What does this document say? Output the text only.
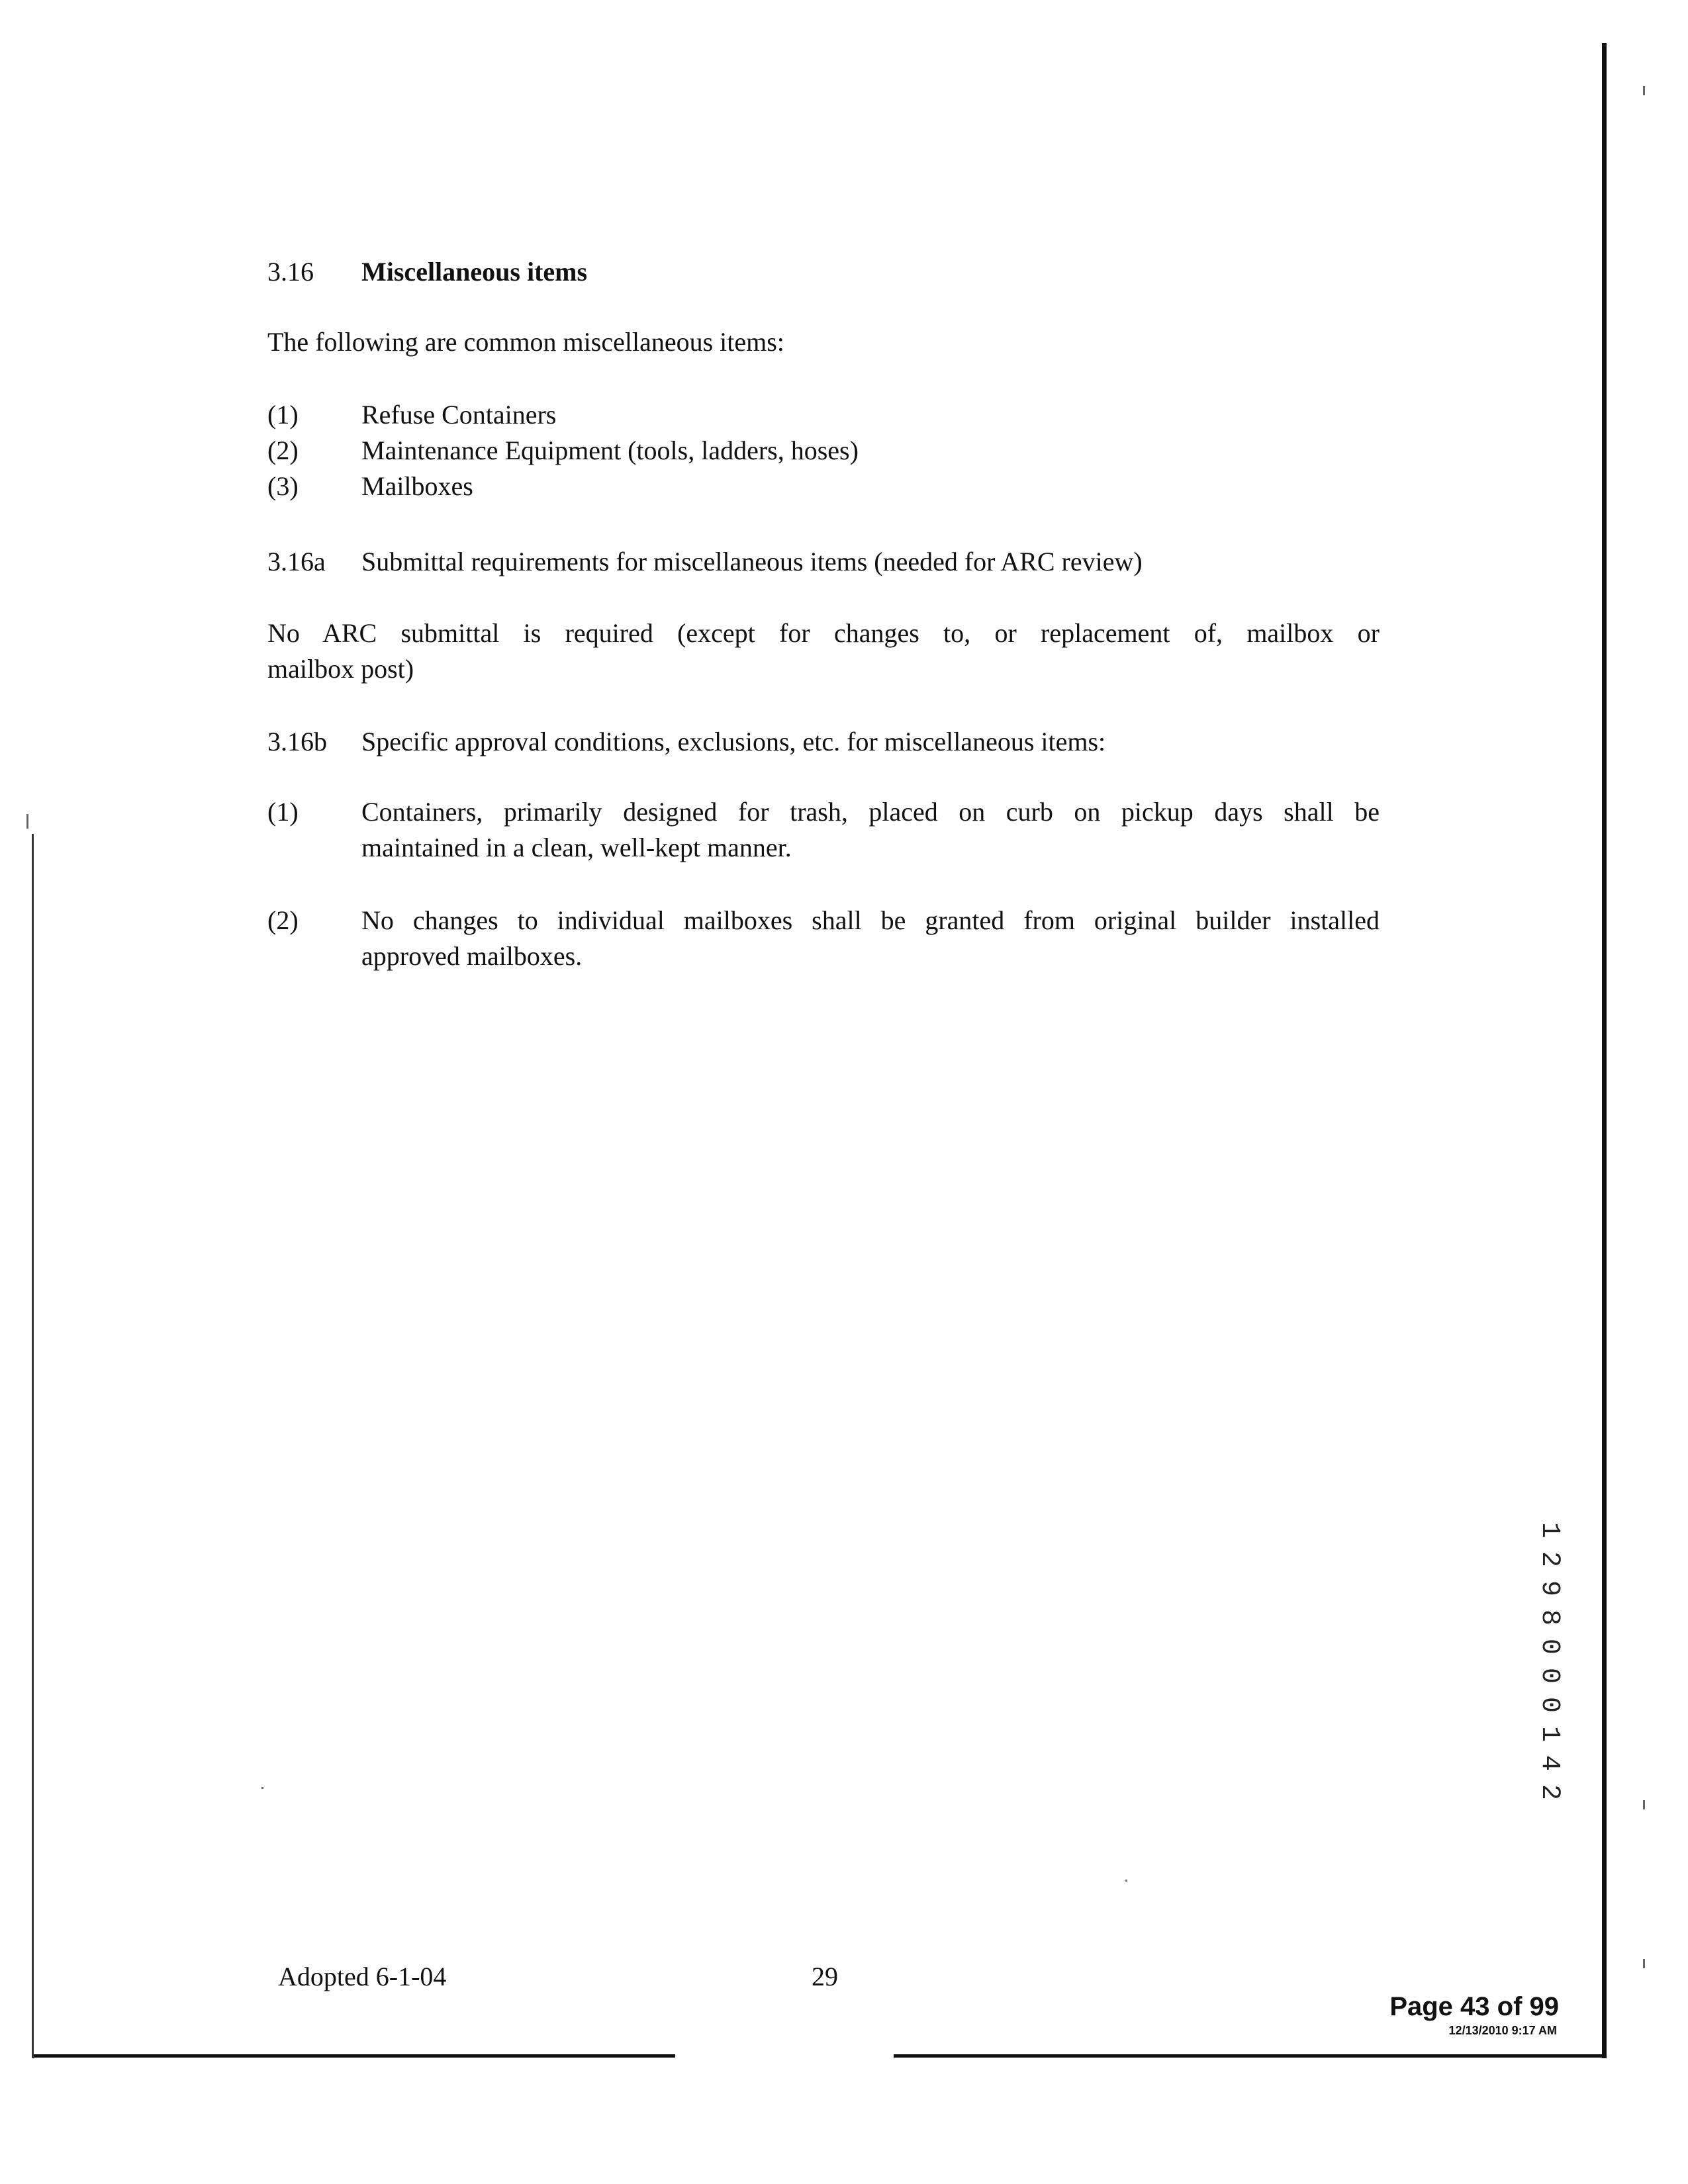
3.16 Miscellaneous items
The following are common miscellaneous items:
(1) Refuse Containers
(2) Maintenance Equipment (tools, ladders, hoses)
(3) Mailboxes
3.16a Submittal requirements for miscellaneous items (needed for ARC review)
No ARC submittal is required (except for changes to, or replacement of, mailbox or
mailbox post)
3.16b Specific approval conditions, exclusions, etc. for miscellaneous items:
(1) Containers, primarily designed for trash, placed on curb on pickup days shall be
maintained in a clean, well-kept manner.
(2) No changes to individual mailboxes shall be granted from original builder installed
approved mailboxes.
1
2
9
8
0
0
0
1
4
2
Adopted 6-1-04	29
Page 43 of 99
12/13/2010 9:17 AM
